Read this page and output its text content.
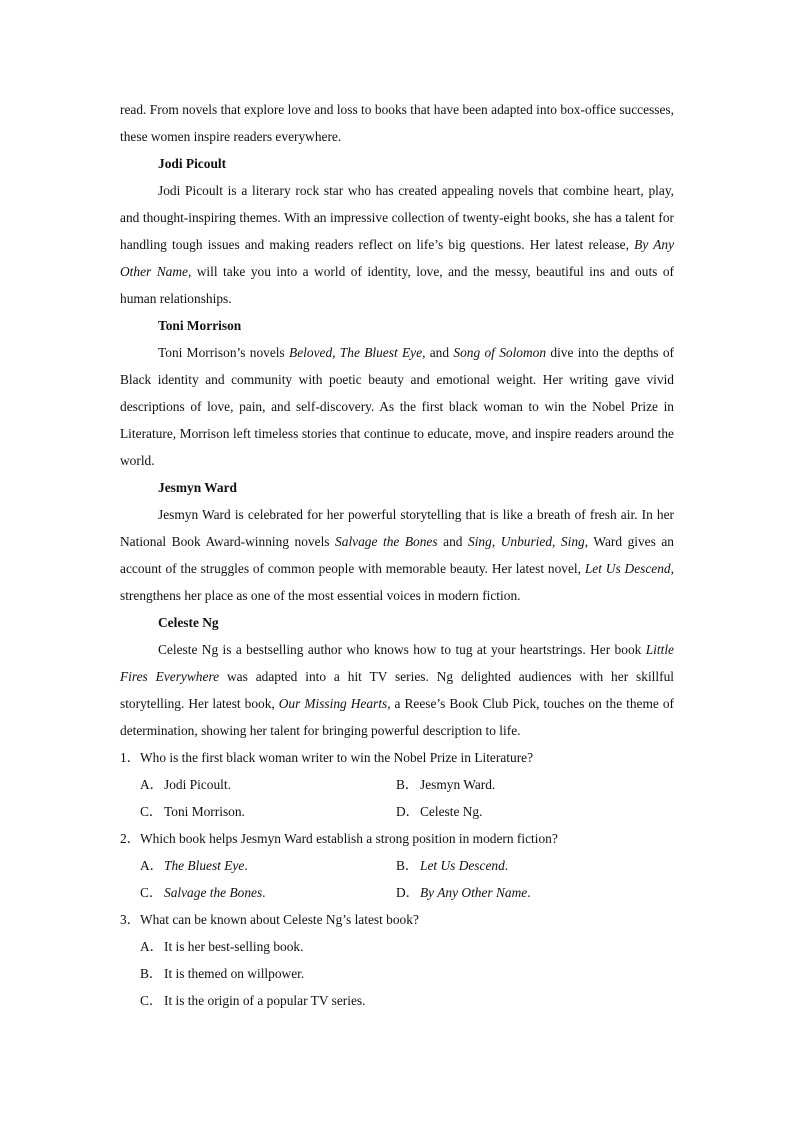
read. From novels that explore love and loss to books that have been adapted into box-office successes, these women inspire readers everywhere.

Jodi Picoult

Jodi Picoult is a literary rock star who has created appealing novels that combine heart, play, and thought-inspiring themes. With an impressive collection of twenty-eight books, she has a talent for handling tough issues and making readers reflect on life’s big questions. Her latest release, By Any Other Name, will take you into a world of identity, love, and the messy, beautiful ins and outs of human relationships.

Toni Morrison

Toni Morrison’s novels Beloved, The Bluest Eye, and Song of Solomon dive into the depths of Black identity and community with poetic beauty and emotional weight. Her writing gave vivid descriptions of love, pain, and self-discovery. As the first black woman to win the Nobel Prize in Literature, Morrison left timeless stories that continue to educate, move, and inspire readers around the world.

Jesmyn Ward

Jesmyn Ward is celebrated for her powerful storytelling that is like a breath of fresh air. In her National Book Award-winning novels Salvage the Bones and Sing, Unburied, Sing, Ward gives an account of the struggles of common people with memorable beauty. Her latest novel, Let Us Descend, strengthens her place as one of the most essential voices in modern fiction.

Celeste Ng

Celeste Ng is a bestselling author who knows how to tug at your heartstrings. Her book Little Fires Everywhere was adapted into a hit TV series. Ng delighted audiences with her skillful storytelling. Her latest book, Our Missing Hearts, a Reese’s Book Club Pick, touches on the theme of determination, showing her talent for bringing powerful description to life.

1． Who is the first black woman writer to win the Nobel Prize in Literature?
A． Jodi Picoult.	B． Jesmyn Ward.
C． Toni Morrison.	D． Celeste Ng.
2． Which book helps Jesmyn Ward establish a strong position in modern fiction?
A． The Bluest Eye.	B． Let Us Descend.
C． Salvage the Bones.	D． By Any Other Name.
3． What can be known about Celeste Ng’s latest book?
A． It is her best-selling book.
B． It is themed on willpower.
C． It is the origin of a popular TV series.
